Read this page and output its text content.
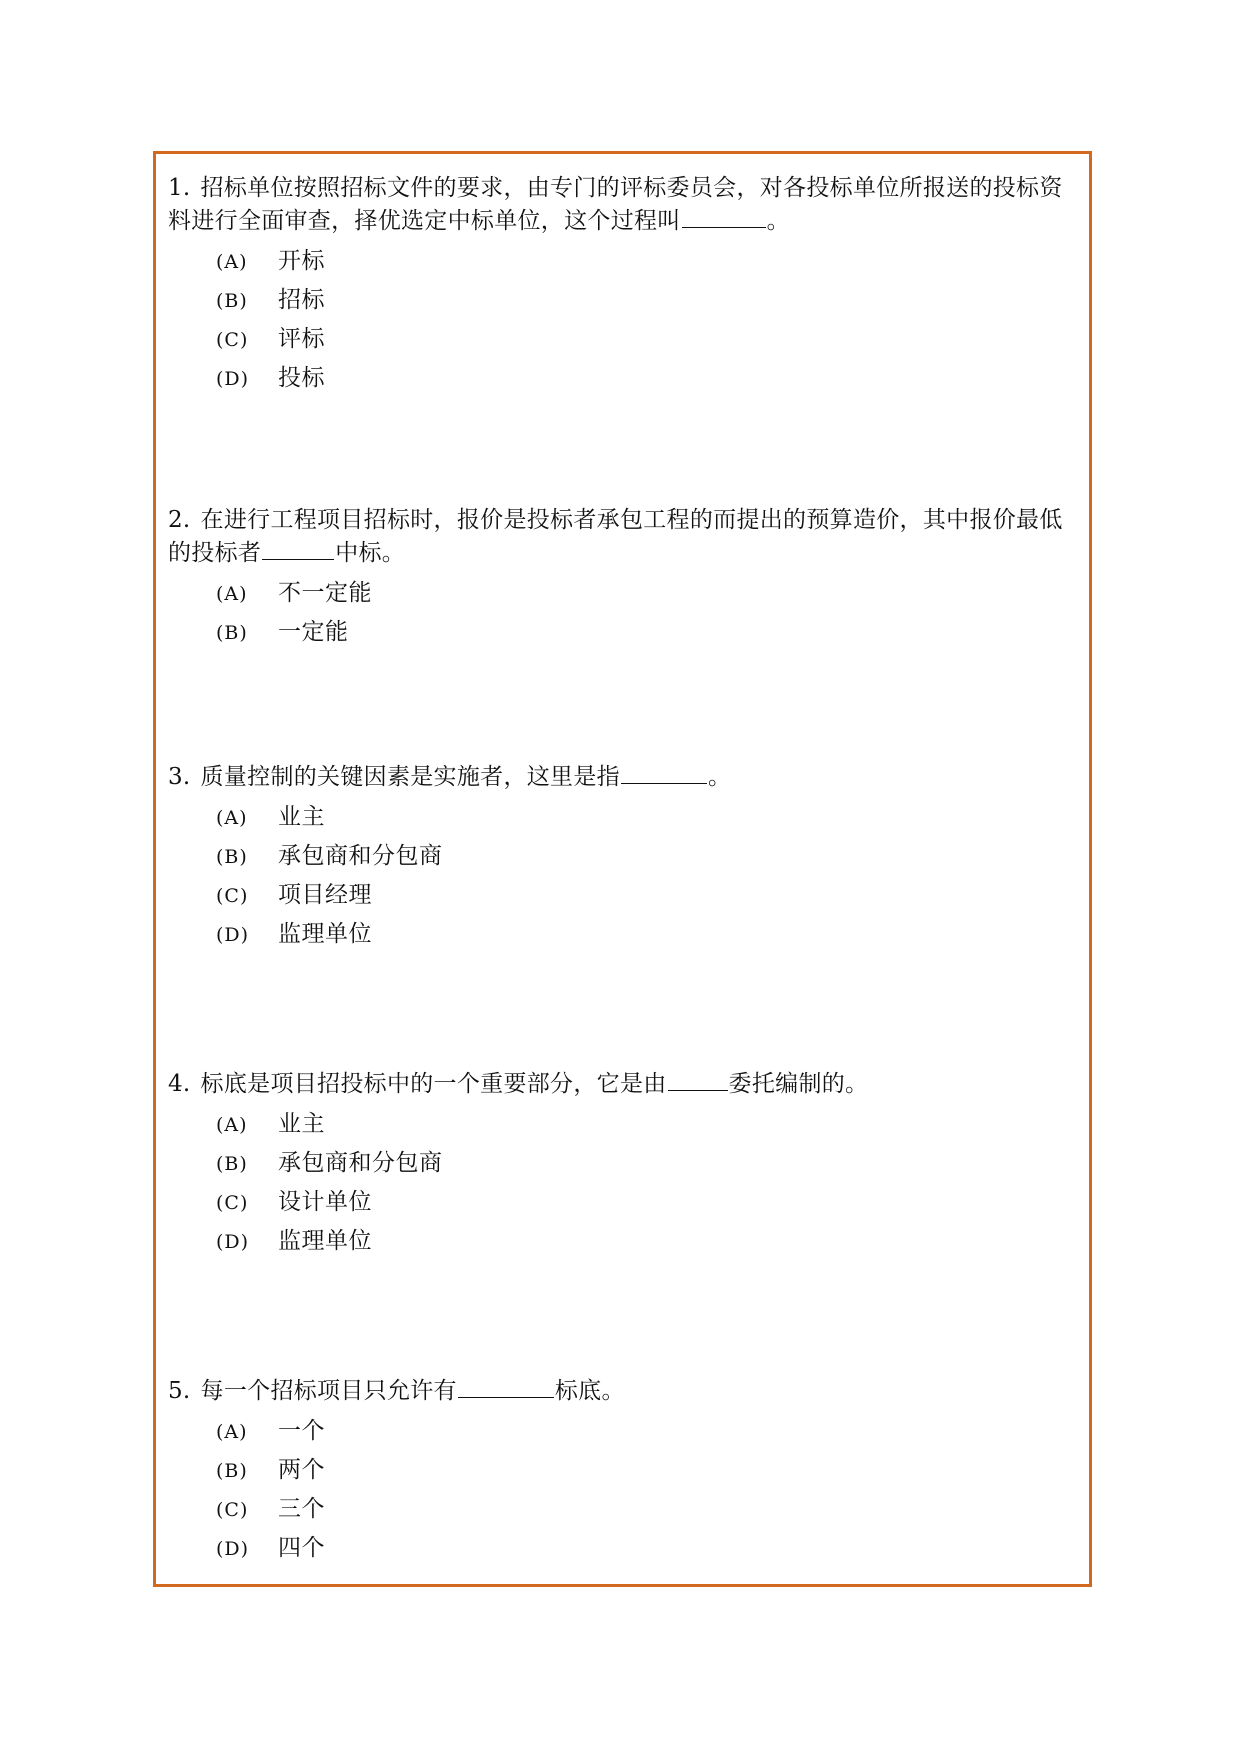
1. 招标单位按照招标文件的要求，由专门的评标委员会，对各投标单位所报送的投标资料进行全面审查，择优选定中标单位，这个过程叫	。

(A) 开标
(B) 招标
(C) 评标
(D) 投标

2. 在进行工程项目招标时，报价是投标者承包工程的而提出的预算造价，其中报价最低的投标者	中标。

(A) 不一定能
(B) 一定能

3. 质量控制的关键因素是实施者，这里是指	。

(A) 业主
(B) 承包商和分包商
(C) 项目经理
(D) 监理单位

4. 标底是项目招投标中的一个重要部分，它是由	委托编制的。

(A) 业主
(B) 承包商和分包商
(C) 设计单位
(D) 监理单位

5. 每一个招标项目只允许有	标底。

(A) 一个
(B) 两个
(C) 三个
(D) 四个
